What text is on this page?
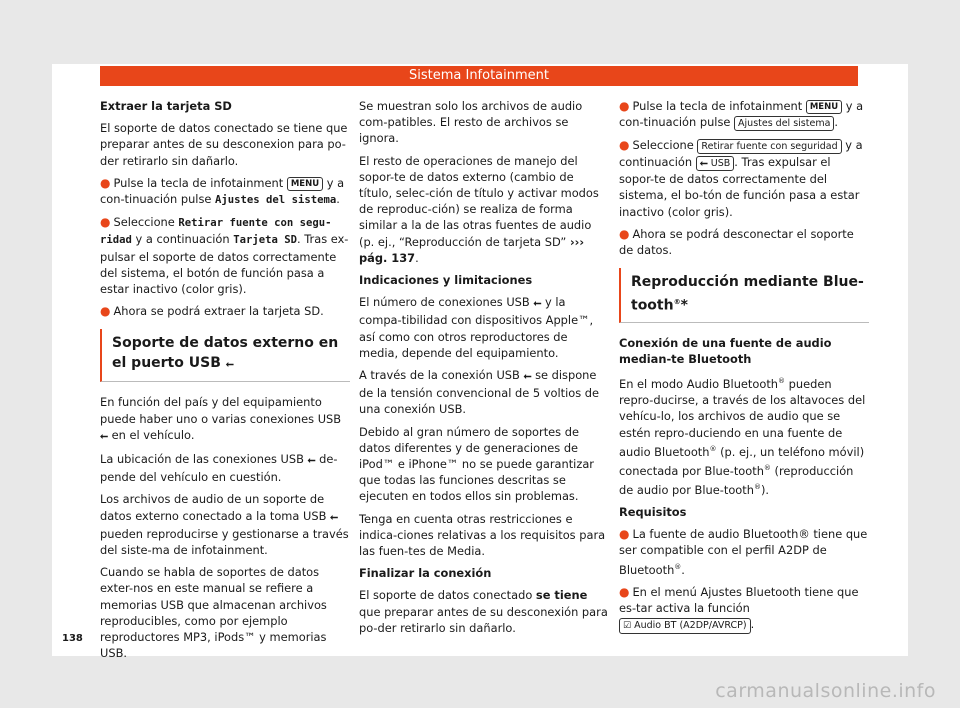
Sistema Infotainment

Extraer la tarjeta SD

El soporte de datos conectado se tiene que preparar antes de su desconexion para po-der retirarlo sin dañarlo.

● Pulse la tecla de infotainment MENU y a con-tinuación pulse Ajustes del sistema.

● Seleccione Retirar fuente con segu-ridad y a continuación Tarjeta SD. Tras ex-pulsar el soporte de datos correctamente del sistema, el botón de función pasa a estar inactivo (color gris).

● Ahora se podrá extraer la tarjeta SD.

Soporte de datos externo en el puerto USB ⭠

En función del país y del equipamiento puede haber uno o varias conexiones USB ⭠ en el vehículo.

La ubicación de las conexiones USB ⭠ de-pende del vehículo en cuestión.

Los archivos de audio de un soporte de datos externo conectado a la toma USB ⭠ pueden reproducirse y gestionarse a través del siste-ma de infotainment.

Cuando se habla de soportes de datos exter-nos en este manual se refiere a memorias USB que almacenan archivos reproducibles, como por ejemplo reproductores MP3, iPods™ y memorias USB.

Se muestran solo los archivos de audio com-patibles. El resto de archivos se ignora.

El resto de operaciones de manejo del sopor-te de datos externo (cambio de título, selec-ción de título y activar modos de reproduc-ción) se realiza de forma similar a la de las otras fuentes de audio (p. ej., “Reproducción de tarjeta SD” ››› pág. 137.

Indicaciones y limitaciones

El número de conexiones USB ⭠ y la compa-tibilidad con dispositivos Apple™, así como con otros reproductores de media, depende del equipamiento.

A través de la conexión USB ⭠ se dispone de la tensión convencional de 5 voltios de una conexión USB.

Debido al gran número de soportes de datos diferentes y de generaciones de iPod™ e iPhone™ no se puede garantizar que todas las funciones descritas se ejecuten en todos ellos sin problemas.

Tenga en cuenta otras restricciones e indica-ciones relativas a los requisitos para las fuen-tes de Media.

Finalizar la conexión

El soporte de datos conectado se tiene que preparar antes de su desconexión para po-der retirarlo sin dañarlo.

● Pulse la tecla de infotainment MENU y a con-tinuación pulse Ajustes del sistema .

● Seleccione Retirar fuente con seguridad y a continuación ⭠ USB . Tras expulsar el sopor-te de datos correctamente del sistema, el bo-tón de función pasa a estar inactivo (color gris).

● Ahora se podrá desconectar el soporte de datos.

Reproducción mediante Blue-tooth®*

Conexión de una fuente de audio median-te Bluetooth

En el modo Audio Bluetooth® pueden repro-ducirse, a través de los altavoces del vehícu-lo, los archivos de audio que se estén repro-duciendo en una fuente de audio Bluetooth® (p. ej., un teléfono móvil) conectada por Blue-tooth® (reproducción de audio por Blue-tooth®).

Requisitos

● La fuente de audio Bluetooth® tiene que ser compatible con el perfil A2DP de Bluetooth®.

● En el menú Ajustes Bluetooth tiene que es-tar activa la función ☑ Audio BT (A2DP/AVRCP) .

138
carmanualsonline.info
